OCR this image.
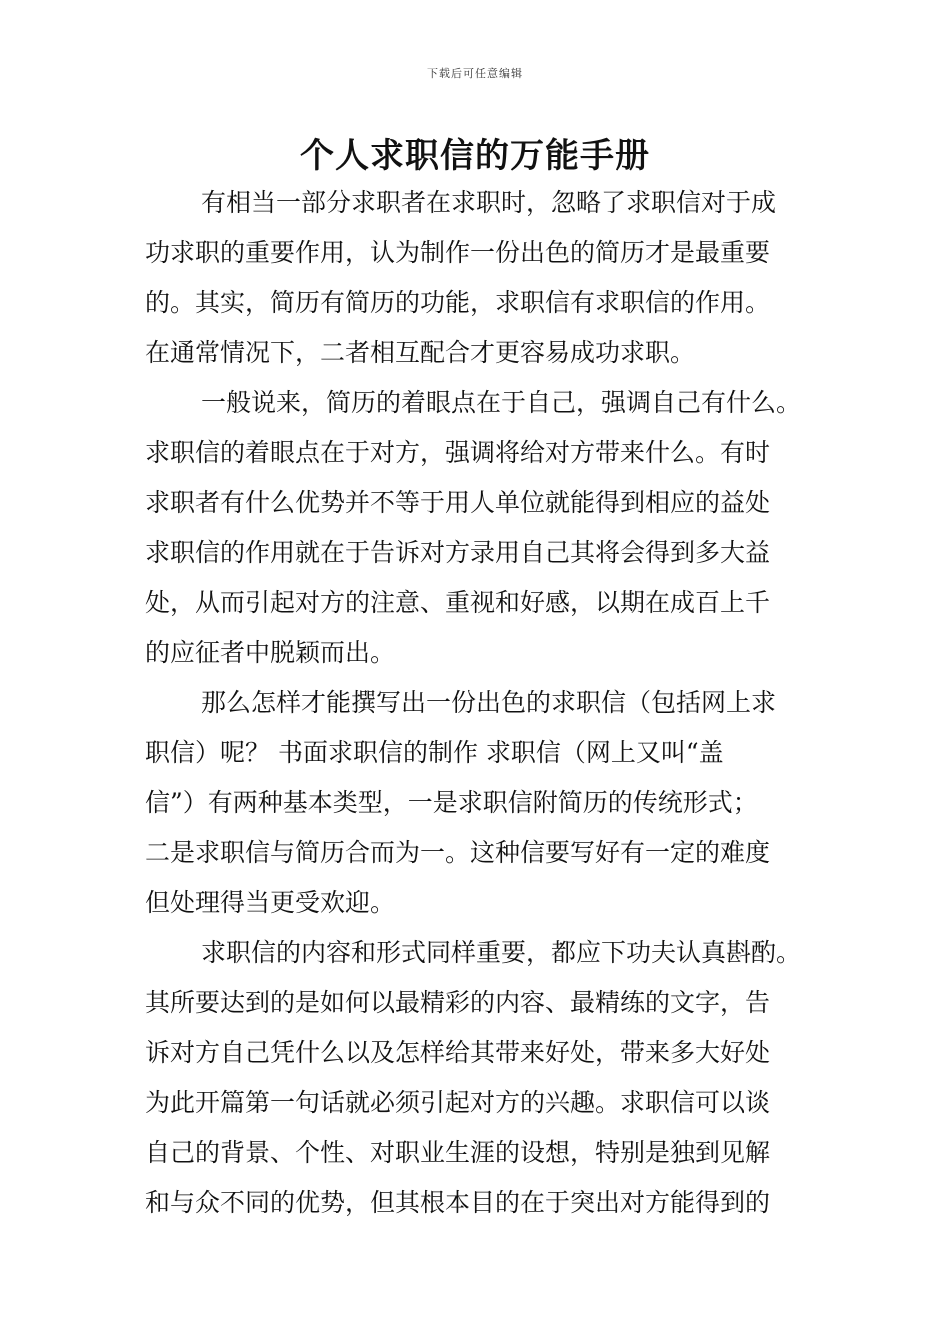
下载后可任意编辑
个人求职信的万能手册

有相当一部分求职者在求职时，忽略了求职信对于成
功求职的重要作用，认为制作一份出色的简历才是最重要
的。其实，简历有简历的功能，求职信有求职信的作用。
在通常情况下，二者相互配合才更容易成功求职。

一般说来，简历的着眼点在于自己，强调自己有什么。
求职信的着眼点在于对方，强调将给对方带来什么。有时
求职者有什么优势并不等于用人单位就能得到相应的益处
求职信的作用就在于告诉对方录用自己其将会得到多大益
处，从而引起对方的注意、重视和好感，以期在成百上千
的应征者中脱颖而出。

那么怎样才能撰写出一份出色的求职信（包括网上求
职信）呢？ 书面求职信的制作 求职信（网上又叫“盖
信”）有两种基本类型，一是求职信附简历的传统形式；
二是求职信与简历合而为一。这种信要写好有一定的难度
但处理得当更受欢迎。

求职信的内容和形式同样重要，都应下功夫认真斟酌。
其所要达到的是如何以最精彩的内容、最精练的文字，告
诉对方自己凭什么以及怎样给其带来好处，带来多大好处
为此开篇第一句话就必须引起对方的兴趣。求职信可以谈
自己的背景、个性、对职业生涯的设想，特别是独到见解
和与众不同的优势，但其根本目的在于突出对方能得到的
